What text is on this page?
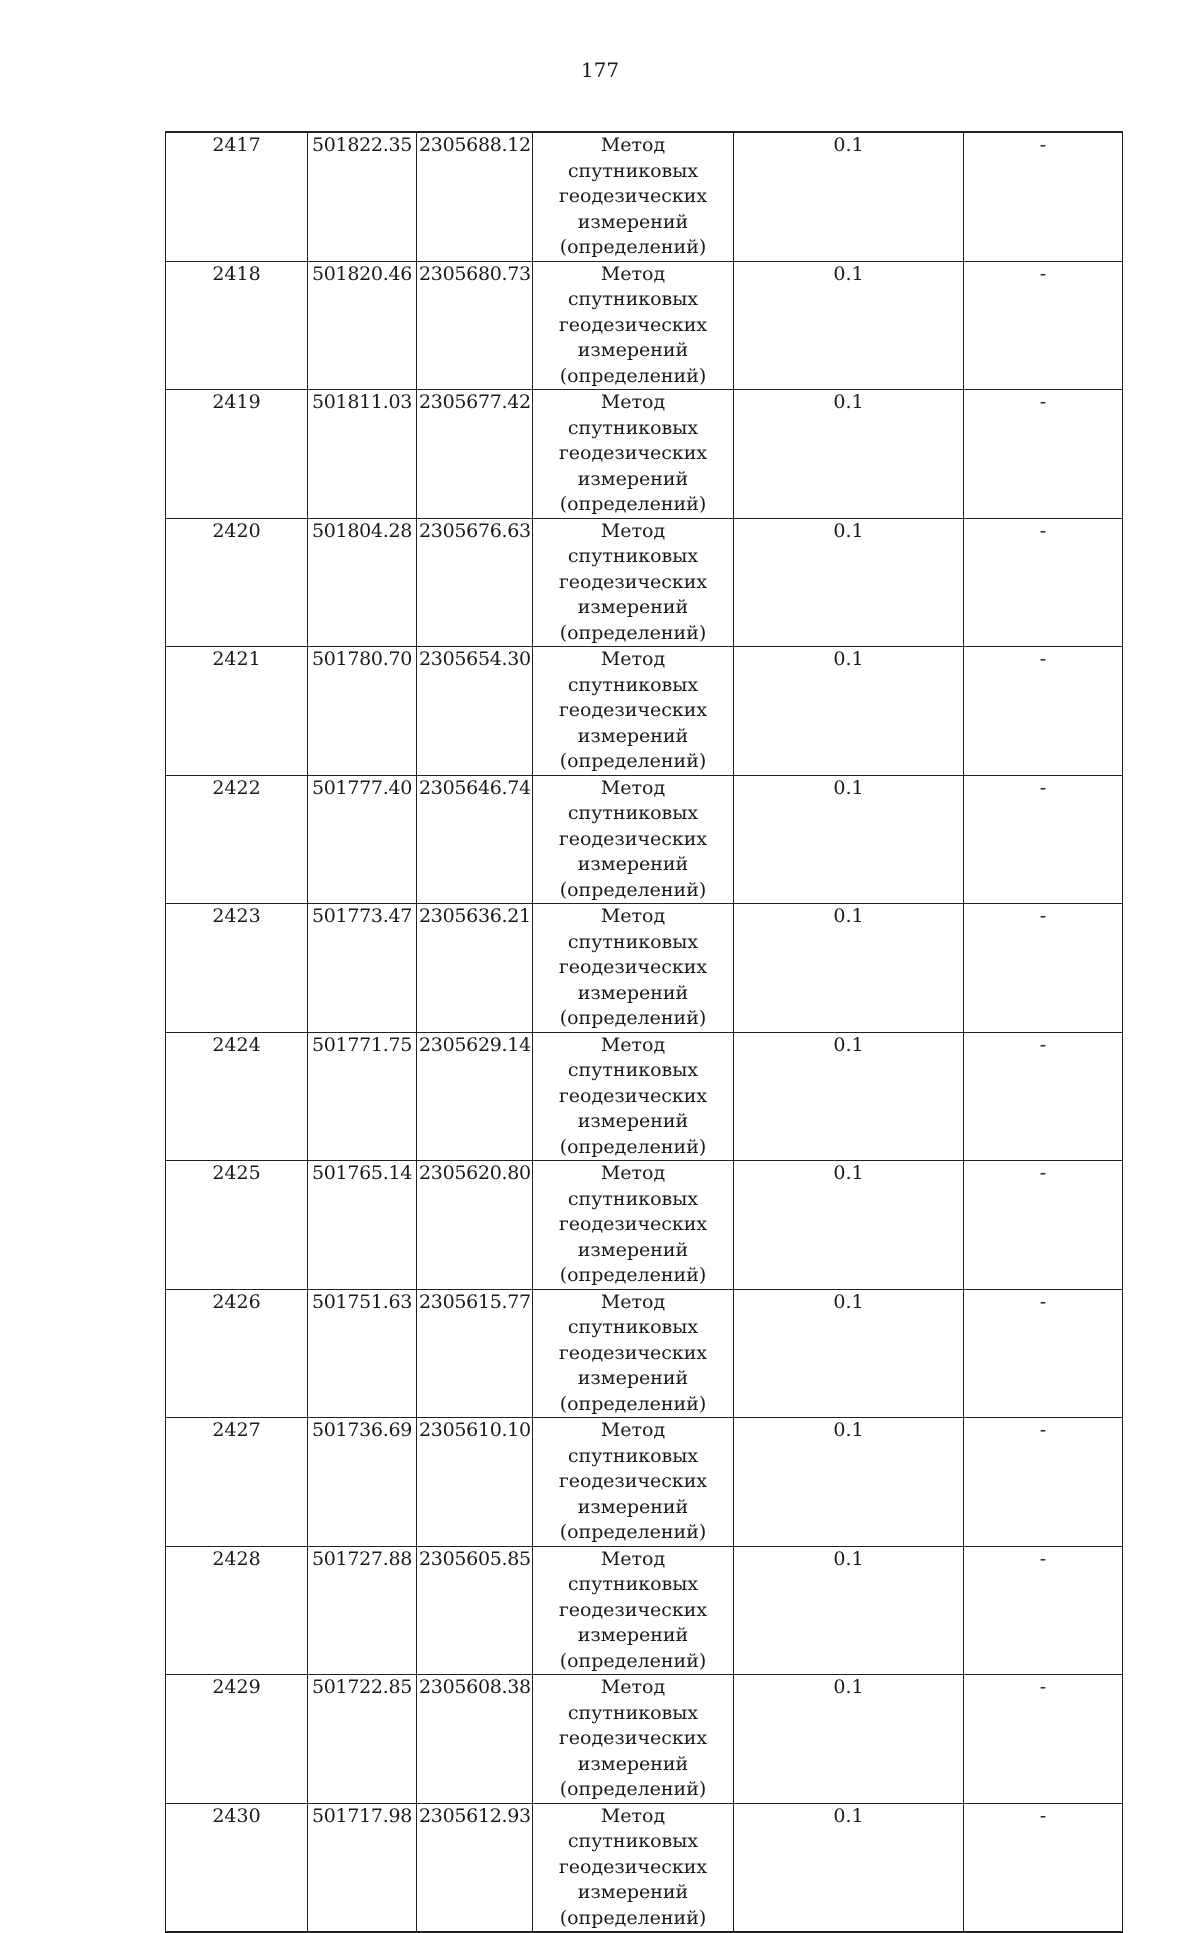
177
2417	501822.35	2305688.12	Метод спутниковых
геодезических
измерений
(определений)	0.1	-
2418	501820.46	2305680.73	Метод спутниковых
геодезических
измерений
(определений)	0.1	-
2419	501811.03	2305677.42	Метод спутниковых
геодезических
измерений
(определений)	0.1	-
2420	501804.28	2305676.63	Метод спутниковых
геодезических
измерений
(определений)	0.1	-
2421	501780.70	2305654.30	Метод спутниковых
геодезических
измерений
(определений)	0.1	-
2422	501777.40	2305646.74	Метод спутниковых
геодезических
измерений
(определений)	0.1	-
2423	501773.47	2305636.21	Метод спутниковых
геодезических
измерений
(определений)	0.1	-
2424	501771.75	2305629.14	Метод спутниковых
геодезических
измерений
(определений)	0.1	-
2425	501765.14	2305620.80	Метод спутниковых
геодезических
измерений
(определений)	0.1	-
2426	501751.63	2305615.77	Метод спутниковых
геодезических
измерений
(определений)	0.1	-
2427	501736.69	2305610.10	Метод спутниковых
геодезических
измерений
(определений)	0.1	-
2428	501727.88	2305605.85	Метод спутниковых
геодезических
измерений
(определений)	0.1	-
2429	501722.85	2305608.38	Метод спутниковых
геодезических
измерений
(определений)	0.1	-
2430	501717.98	2305612.93	Метод спутниковых
геодезических
измерений
(определений)	0.1	-
